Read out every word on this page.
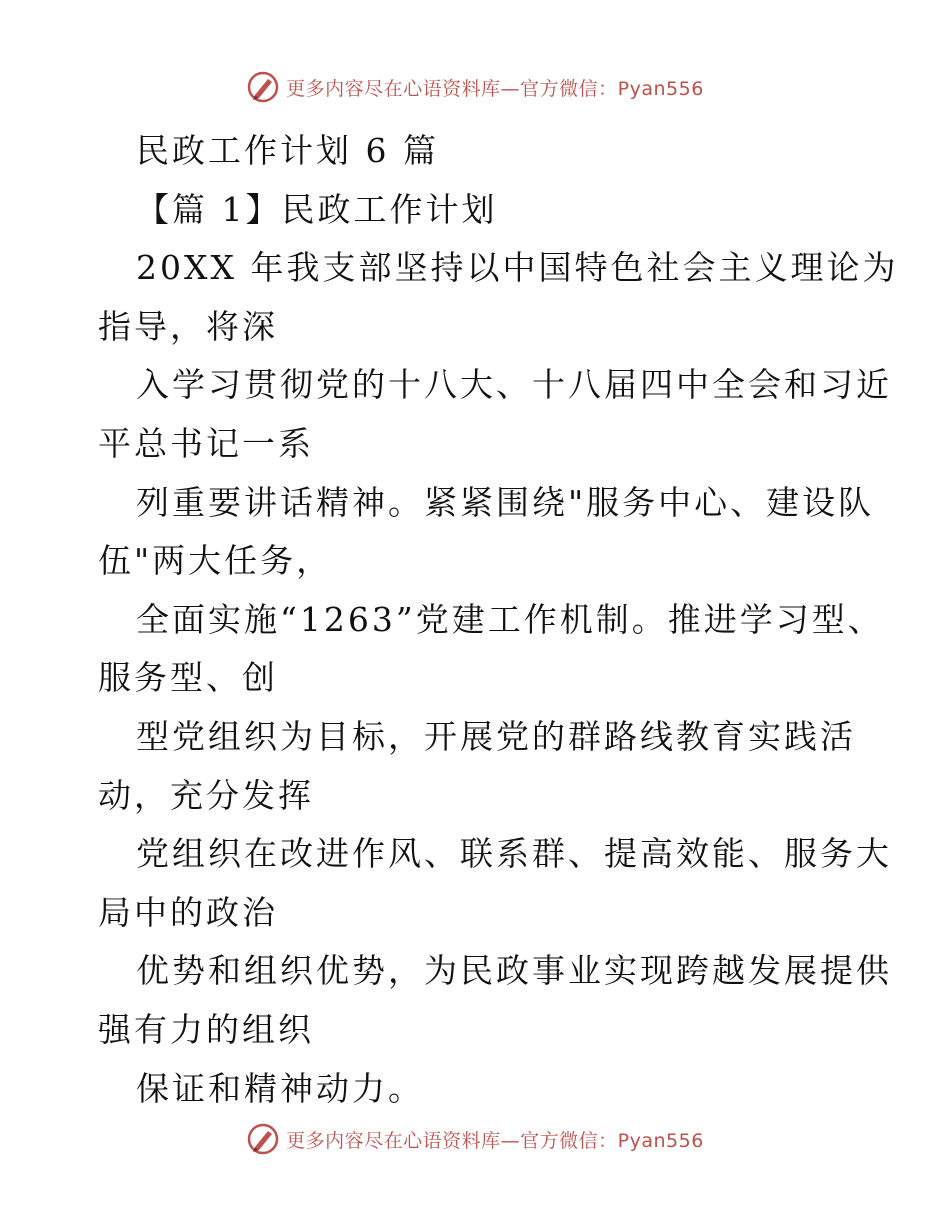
更多内容尽在心语资料库—官方微信：Pyan556
民政工作计划 6 篇
【篇 1】民政工作计划
20XX 年我支部坚持以中国特色社会主义理论为
指导，将深
入学习贯彻党的十八大、十八届四中全会和习近
平总书记一系
列重要讲话精神。紧紧围绕"服务中心、建设队
伍"两大任务，
全面实施“1263”党建工作机制。推进学习型、
服务型、创
型党组织为目标，开展党的群路线教育实践活
动，充分发挥
党组织在改进作风、联系群、提高效能、服务大
局中的政治
优势和组织优势，为民政事业实现跨越发展提供
强有力的组织
保证和精神动力。
更多内容尽在心语资料库—官方微信：Pyan556
